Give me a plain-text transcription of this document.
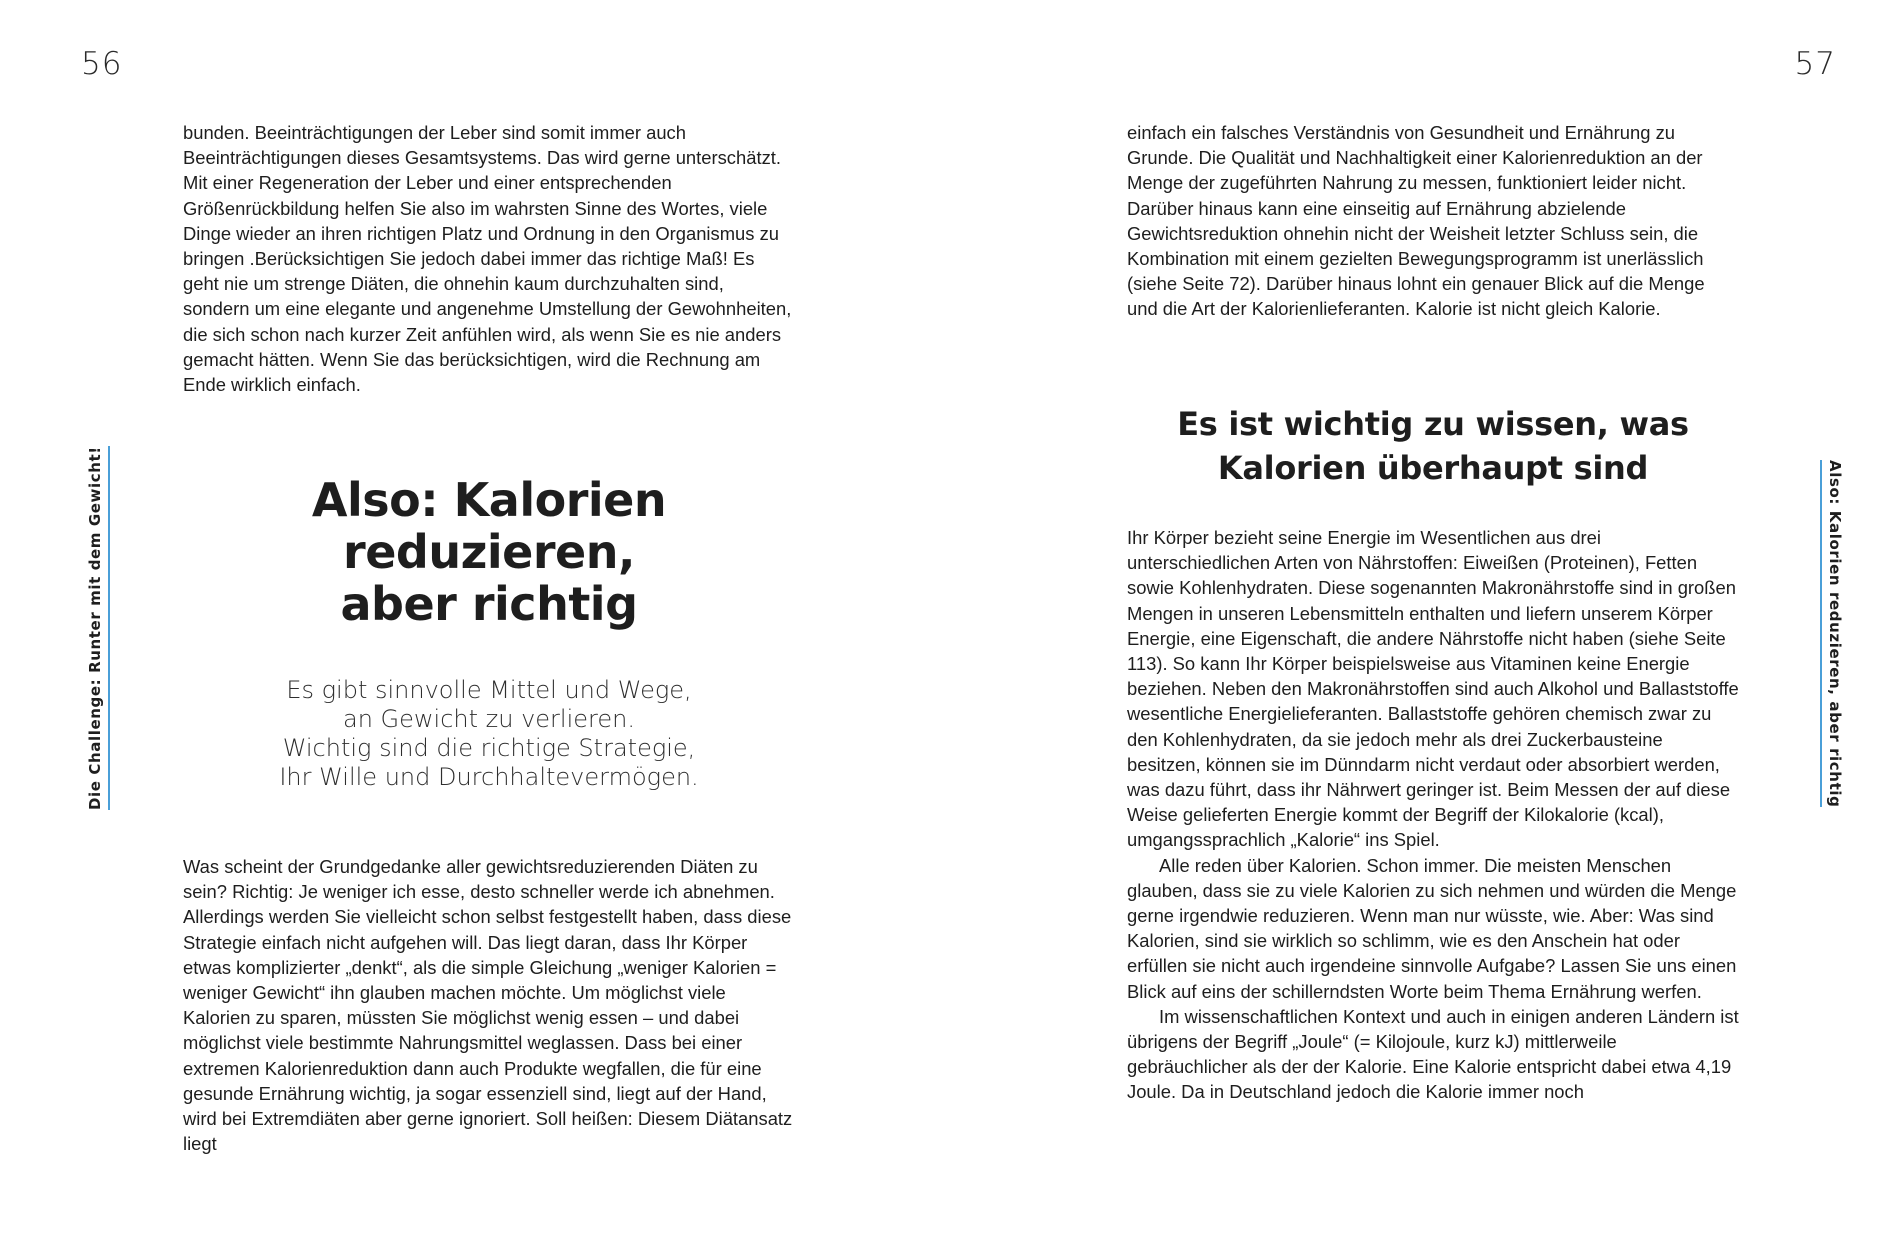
56
Die Challenge: Runter mit dem Gewicht!

bunden. Beeinträchtigungen der Leber sind somit immer auch Beeinträchtigungen dieses Gesamtsystems. Das wird gerne unterschätzt. Mit einer Regeneration der Leber und einer entsprechenden Größenrückbildung helfen Sie also im wahrsten Sinne des Wortes, viele Dinge wieder an ihren richtigen Platz und Ordnung in den Organismus zu bringen .Berücksichtigen Sie jedoch dabei immer das richtige Maß! Es geht nie um strenge Diäten, die ohnehin kaum durchzuhalten sind, sondern um eine elegante und angenehme Umstellung der Gewohnheiten, die sich schon nach kurzer Zeit anfühlen wird, als wenn Sie es nie anders gemacht hätten. Wenn Sie das berücksichtigen, wird die Rechnung am Ende wirklich einfach.

Also: Kalorien
reduzieren,
aber richtig
Es gibt sinnvolle Mittel und Wege,
an Gewicht zu verlieren.
Wichtig sind die richtige Strategie,
Ihr Wille und Durchhaltevermögen.

Was scheint der Grundgedanke aller gewichtsreduzierenden Diäten zu sein? Richtig: Je weniger ich esse, desto schneller werde ich abnehmen. Allerdings werden Sie vielleicht schon selbst festgestellt haben, dass diese Strategie einfach nicht aufgehen will. Das liegt daran, dass Ihr Körper etwas komplizierter „denkt“, als die simple Gleichung „weniger Kalorien = weniger Gewicht“ ihn glauben machen möchte. Um möglichst viele Kalorien zu sparen, müssten Sie möglichst wenig essen – und dabei möglichst viele bestimmte Nahrungsmittel weglassen. Dass bei einer extremen Kalorienreduktion dann auch Produkte wegfallen, die für eine gesunde Ernährung wichtig, ja sogar essenziell sind, liegt auf der Hand, wird bei Extremdiäten aber gerne ignoriert. Soll heißen: Diesem Diätansatz liegt

57

einfach ein falsches Verständnis von Gesundheit und Ernährung zu Grunde. Die Qualität und Nachhaltigkeit einer Kalorienreduktion an der Menge der zugeführten Nahrung zu messen, funktioniert leider nicht. Darüber hinaus kann eine einseitig auf Ernährung abzielende Gewichtsreduktion ohnehin nicht der Weisheit letzter Schluss sein, die Kombination mit einem gezielten Bewegungsprogramm ist unerlässlich (siehe Seite 72). Darüber hinaus lohnt ein genauer Blick auf die Menge und die Art der Kalorienlieferanten. Kalorie ist nicht gleich Kalorie.

Es ist wichtig zu wissen, was
Kalorien überhaupt sind

Ihr Körper bezieht seine Energie im Wesentlichen aus drei unterschiedlichen Arten von Nährstoffen: Eiweißen (Proteinen), Fetten sowie Kohlenhydraten. Diese sogenannten Makronährstoffe sind in großen Mengen in unseren Lebensmitteln enthalten und liefern unserem Körper Energie, eine Eigenschaft, die andere Nährstoffe nicht haben (siehe Seite 113). So kann Ihr Körper beispielsweise aus Vitaminen keine Energie beziehen. Neben den Makronährstoffen sind auch Alkohol und Ballaststoffe wesentliche Energielieferanten. Ballaststoffe gehören chemisch zwar zu den Kohlenhydraten, da sie jedoch mehr als drei Zuckerbausteine besitzen, können sie im Dünndarm nicht verdaut oder absorbiert werden, was dazu führt, dass ihr Nährwert geringer ist. Beim Messen der auf diese Weise gelieferten Energie kommt der Begriff der Kilokalorie (kcal), umgangssprachlich „Kalorie“ ins Spiel.

Alle reden über Kalorien. Schon immer. Die meisten Menschen glauben, dass sie zu viele Kalorien zu sich nehmen und würden die Menge gerne irgendwie reduzieren. Wenn man nur wüsste, wie. Aber: Was sind Kalorien, sind sie wirklich so schlimm, wie es den Anschein hat oder erfüllen sie nicht auch irgendeine sinnvolle Aufgabe? Lassen Sie uns einen Blick auf eins der schillerndsten Worte beim Thema Ernährung werfen.

Im wissenschaftlichen Kontext und auch in einigen anderen Ländern ist übrigens der Begriff „Joule“ (= Kilojoule, kurz kJ) mittlerweile gebräuchlicher als der der Kalorie. Eine Kalorie entspricht dabei etwa 4,19 Joule. Da in Deutschland jedoch die Kalorie immer noch

Also: Kalorien reduzieren, aber richtig
